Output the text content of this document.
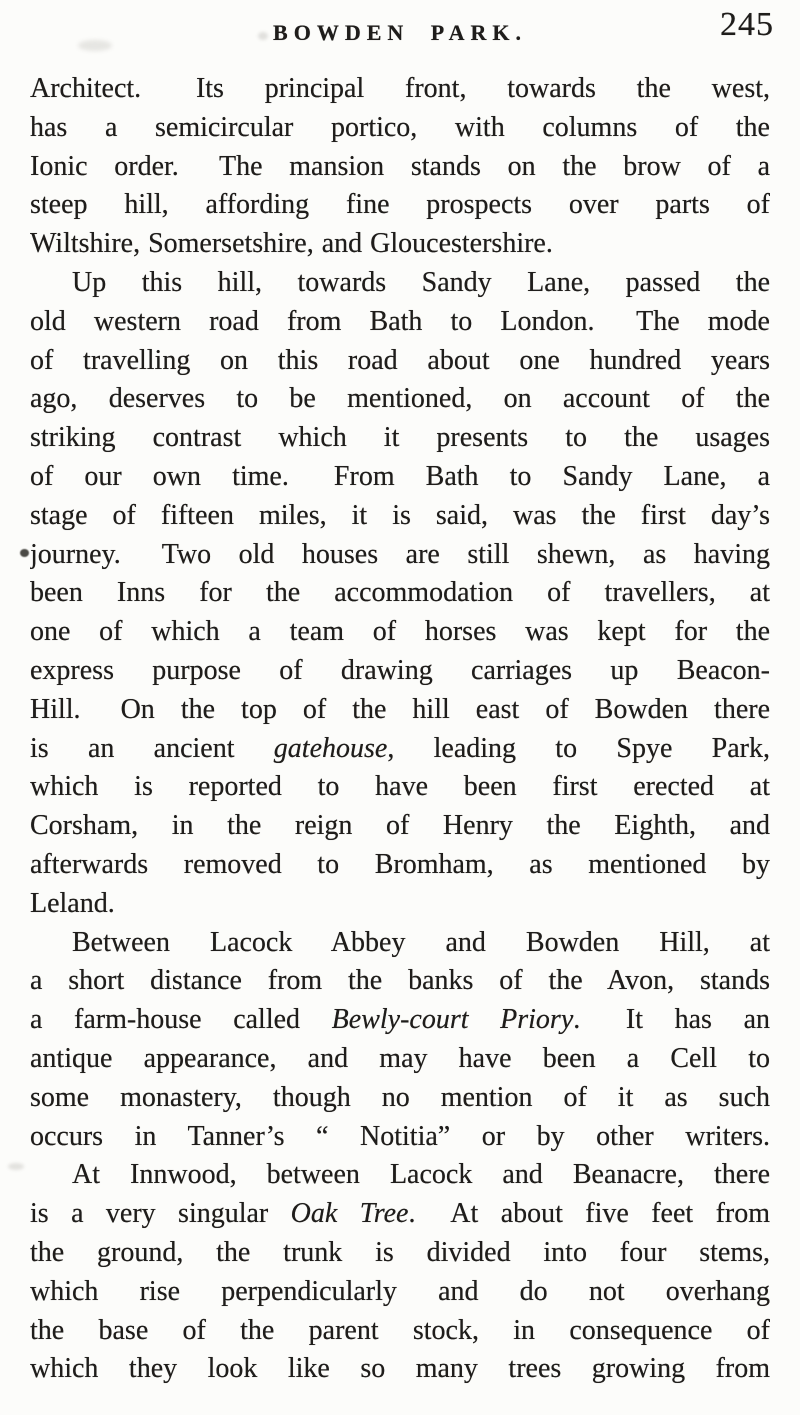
BOWDEN PARK.	245
Architect.  Its principal front, towards the west,
has a semicircular portico, with columns of the
Ionic order.  The mansion stands on the brow of a
steep hill, affording fine prospects over parts of
Wiltshire, Somersetshire, and Gloucestershire.
Up this hill, towards Sandy Lane, passed the
old western road from Bath to London.  The mode
of travelling on this road about one hundred years
ago, deserves to be mentioned, on account of the
striking contrast which it presents to the usages
of our own time.  From Bath to Sandy Lane, a
stage of fifteen miles, it is said, was the first day’s
journey.  Two old houses are still shewn, as having
been Inns for the accommodation of travellers, at
one of which a team of horses was kept for the
express purpose of drawing carriages up Beacon-
Hill.  On the top of the hill east of Bowden there
is an ancient gatehouse, leading to Spye Park,
which is reported to have been first erected at
Corsham, in the reign of Henry the Eighth, and
afterwards removed to Bromham, as mentioned by
Leland.
Between Lacock Abbey and Bowden Hill, at
a short distance from the banks of the Avon, stands
a farm-house called Bewly-court Priory.  It has an
antique appearance, and may have been a Cell to
some monastery, though no mention of it as such
occurs in Tanner’s “ Notitia” or by other writers.
At Innwood, between Lacock and Beanacre, there
is a very singular Oak Tree.  At about five feet from
the ground, the trunk is divided into four stems,
which rise perpendicularly and do not overhang
the base of the parent stock, in consequence of
which they look like so many trees growing from
